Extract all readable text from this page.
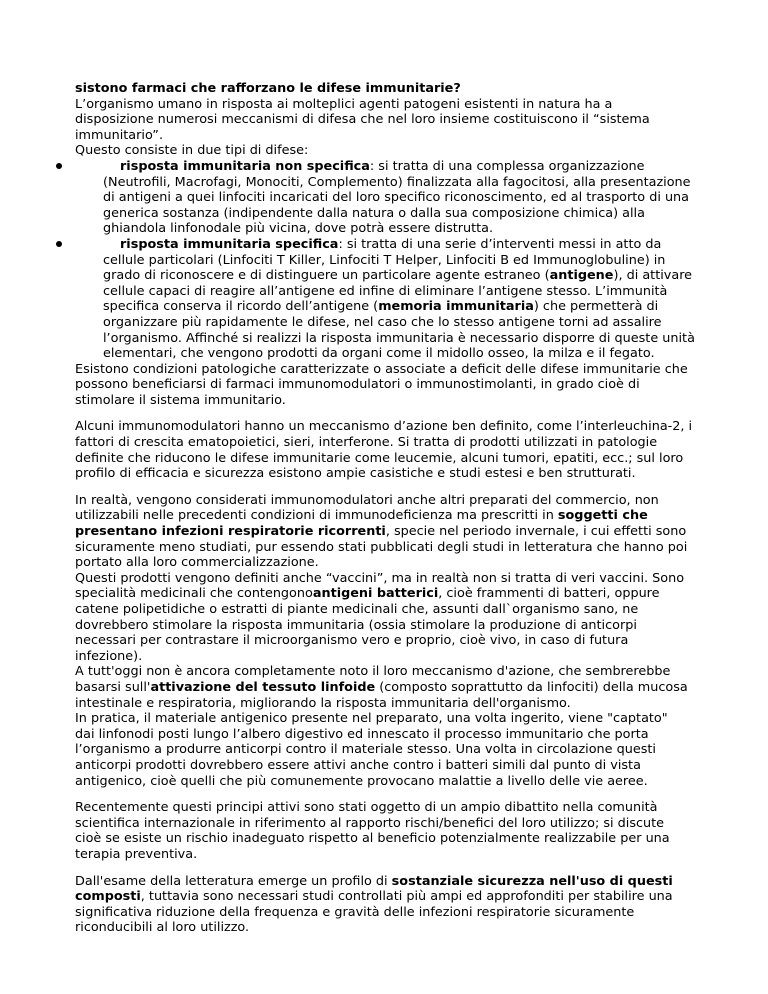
sistono farmaci che rafforzano le difese immunitarie?
L’organismo umano in risposta ai molteplici agenti patogeni esistenti in natura ha a
disposizione numerosi meccanismi di difesa che nel loro insieme costituiscono il “sistema
immunitario”.
Questo consiste in due tipi di difese:
risposta immunitaria non specifica: si tratta di una complessa organizzazione
(Neutrofili, Macrofagi, Monociti, Complemento) finalizzata alla fagocitosi, alla presentazione
di antigeni a quei linfociti incaricati del loro specifico riconoscimento, ed al trasporto di una
generica sostanza (indipendente dalla natura o dalla sua composizione chimica) alla
ghiandola linfonodale più vicina, dove potrà essere distrutta.
risposta immunitaria specifica: si tratta di una serie d’interventi messi in atto da
cellule particolari (Linfociti T Killer, Linfociti T Helper, Linfociti B ed Immunoglobuline) in
grado di riconoscere e di distinguere un particolare agente estraneo (antigene), di attivare
cellule capaci di reagire all’antigene ed infine di eliminare l’antigene stesso. L’immunità
specifica conserva il ricordo dell’antigene (memoria immunitaria) che permetterà di
organizzare più rapidamente le difese, nel caso che lo stesso antigene torni ad assalire
l’organismo. Affinché si realizzi la risposta immunitaria è necessario disporre di queste unità
elementari, che vengono prodotti da organi come il midollo osseo, la milza e il fegato.
Esistono condizioni patologiche caratterizzate o associate a deficit delle difese immunitarie che
possono beneficiarsi di farmaci immunomodulatori o immunostimolanti, in grado cioè di
stimolare il sistema immunitario.
Alcuni immunomodulatori hanno un meccanismo d’azione ben definito, come l’interleuchina-2, i
fattori di crescita ematopoietici, sieri, interferone. Si tratta di prodotti utilizzati in patologie
definite che riducono le difese immunitarie come leucemie, alcuni tumori, epatiti, ecc.; sul loro
profilo di efficacia e sicurezza esistono ampie casistiche e studi estesi e ben strutturati.
In realtà, vengono considerati immunomodulatori anche altri preparati del commercio, non
utilizzabili nelle precedenti condizioni di immunodeficienza ma prescritti in soggetti che
presentano infezioni respiratorie ricorrenti, specie nel periodo invernale, i cui effetti sono
sicuramente meno studiati, pur essendo stati pubblicati degli studi in letteratura che hanno poi
portato alla loro commercializzazione.
Questi prodotti vengono definiti anche “vaccini”, ma in realtà non si tratta di veri vaccini. Sono
specialità medicinali che contengonoantigeni batterici, cioè frammenti di batteri, oppure
catene polipetidiche o estratti di piante medicinali che, assunti dall`organismo sano, ne
dovrebbero stimolare la risposta immunitaria (ossia stimolare la produzione di anticorpi
necessari per contrastare il microorganismo vero e proprio, cioè vivo, in caso di futura
infezione).
A tutt'oggi non è ancora completamente noto il loro meccanismo d'azione, che sembrerebbe
basarsi sull'attivazione del tessuto linfoide (composto soprattutto da linfociti) della mucosa
intestinale e respiratoria, migliorando la risposta immunitaria dell'organismo.
In pratica, il materiale antigenico presente nel preparato, una volta ingerito, viene "captato"
dai linfonodi posti lungo l’albero digestivo ed innescato il processo immunitario che porta
l’organismo a produrre anticorpi contro il materiale stesso. Una volta in circolazione questi
anticorpi prodotti dovrebbero essere attivi anche contro i batteri simili dal punto di vista
antigenico, cioè quelli che più comunemente provocano malattie a livello delle vie aeree.
Recentemente questi principi attivi sono stati oggetto di un ampio dibattito nella comunità
scientifica internazionale in riferimento al rapporto rischi/benefici del loro utilizzo; si discute
cioè se esiste un rischio inadeguato rispetto al beneficio potenzialmente realizzabile per una
terapia preventiva.
Dall'esame della letteratura emerge un profilo di sostanziale sicurezza nell'uso di questi
composti, tuttavia sono necessari studi controllati più ampi ed approfonditi per stabilire una
significativa riduzione della frequenza e gravità delle infezioni respiratorie sicuramente
riconducibili al loro utilizzo.
